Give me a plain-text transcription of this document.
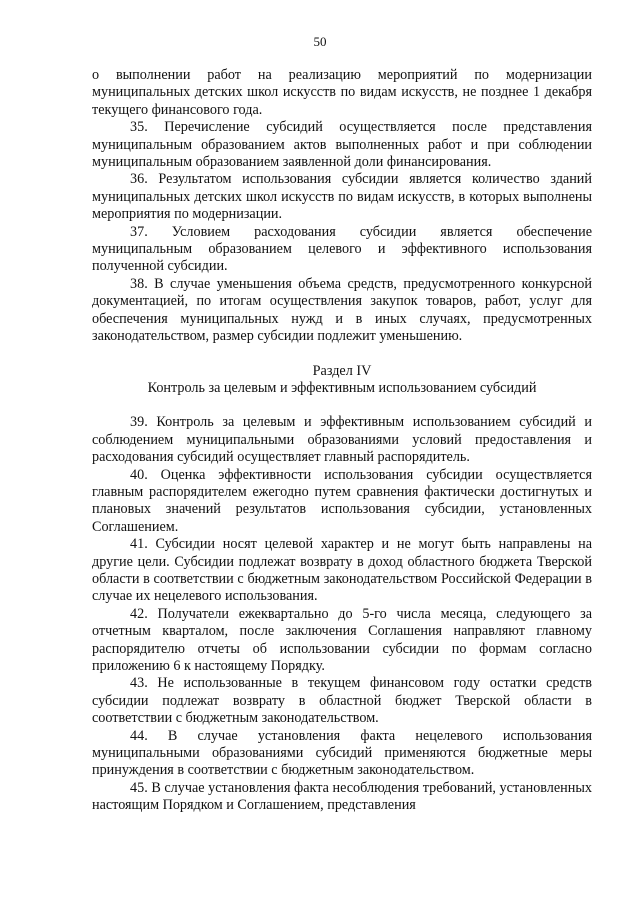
50

о выполнении работ на реализацию мероприятий по модернизации муниципальных детских школ искусств по видам искусств, не позднее 1 декабря текущего финансового года.

35. Перечисление субсидий осуществляется после представления муниципальным образованием актов выполненных работ и при соблюдении муниципальным образованием заявленной доли финансирования.

36. Результатом использования субсидии является количество зданий муниципальных детских школ искусств по видам искусств, в которых выполнены мероприятия по модернизации.

37. Условием расходования субсидии является обеспечение муниципальным образованием целевого и эффективного использования полученной субсидии.

38. В случае уменьшения объема средств, предусмотренного конкурсной документацией, по итогам осуществления закупок товаров, работ, услуг для обеспечения муниципальных нужд и в иных случаях, предусмотренных законодательством, размер субсидии подлежит уменьшению.

Раздел IV

Контроль за целевым и эффективным использованием субсидий

39. Контроль за целевым и эффективным использованием субсидий и соблюдением муниципальными образованиями условий предоставления и расходования субсидий осуществляет главный распорядитель.

40. Оценка эффективности использования субсидии осуществляется главным распорядителем ежегодно путем сравнения фактически достигнутых и плановых значений результатов использования субсидии, установленных Соглашением.

41. Субсидии носят целевой характер и не могут быть направлены на другие цели. Субсидии подлежат возврату в доход областного бюджета Тверской области в соответствии с бюджетным законодательством Российской Федерации в случае их нецелевого использования.

42. Получатели ежеквартально до 5-го числа месяца, следующего за отчетным кварталом, после заключения Соглашения направляют главному распорядителю отчеты об использовании субсидии по формам согласно приложению 6 к настоящему Порядку.

43. Не использованные в текущем финансовом году остатки средств субсидии подлежат возврату в областной бюджет Тверской области в соответствии с бюджетным законодательством.

44. В случае установления факта нецелевого использования муниципальными образованиями субсидий применяются бюджетные меры принуждения в соответствии с бюджетным законодательством.

45. В случае установления факта несоблюдения требований, установленных настоящим Порядком и Соглашением, представления
